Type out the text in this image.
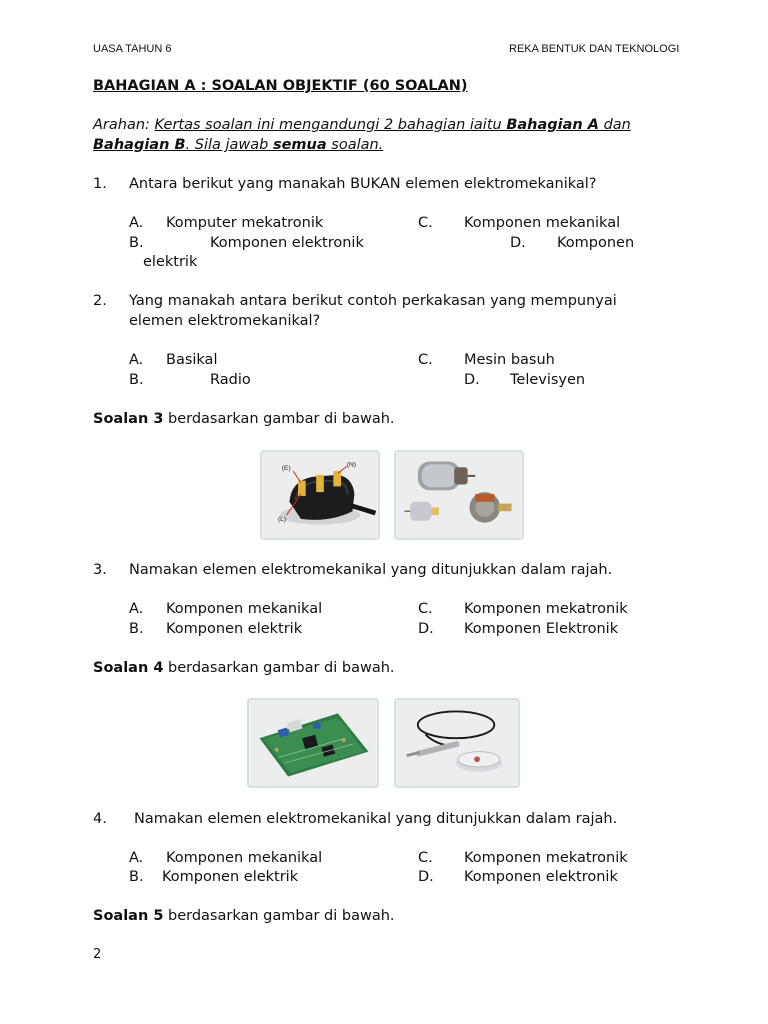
UASA TAHUN 6	REKA BENTUK DAN TEKNOLOGI
BAHAGIAN A : SOALAN OBJEKTIF (60 SOALAN)
Arahan: Kertas soalan ini mengandungi 2 bahagian iaitu Bahagian A dan
Bahagian B. Sila jawab semua soalan.
1. Antara berikut yang manakah BUKAN elemen elektromekanikal?
A. Komputer mekatronik	C. Komponen mekanikal
B.	Komponen elektronik	D. Komponen
elektrik
2. Yang manakah antara berikut contoh perkakasan yang mempunyai
elemen elektromekanikal?
A. Basikal	C. Mesin basuh
B.	Radio	D. Televisyen
Soalan 3 berdasarkan gambar di bawah.
(E)
(N)
(L)
3. Namakan elemen elektromekanikal yang ditunjukkan dalam rajah.
A. Komponen mekanikal	C. Komponen mekatronik
B. Komponen elektrik	D. Komponen Elektronik
Soalan 4 berdasarkan gambar di bawah.
4. Namakan elemen elektromekanikal yang ditunjukkan dalam rajah.
A. Komponen mekanikal	C. Komponen mekatronik
B. Komponen elektrik	D. Komponen elektronik
Soalan 5 berdasarkan gambar di bawah.
2
